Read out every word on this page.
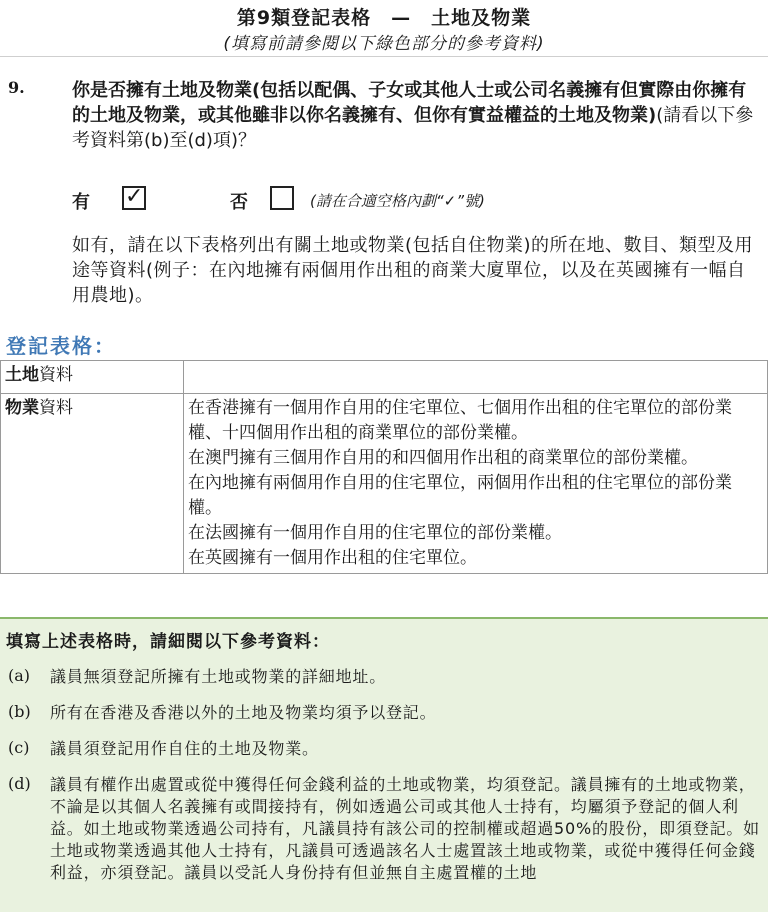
第9類登記表格　—　土地及物業
(填寫前請參閱以下綠色部分的參考資料)
9.	你是否擁有土地及物業(包括以配偶、子女或其他人士或公司名義擁有但實際由你擁有的土地及物業，或其他雖非以你名義擁有、但你有實益權益的土地及物業)(請看以下參考資料第(b)至(d)項)？

有 ✓	否	(請在合適空格內劃“✓”號)

如有，請在以下表格列出有關土地或物業(包括自住物業)的所在地、數目、類型及用途等資料(例子：在內地擁有兩個用作出租的商業大廈單位，以及在英國擁有一幅自用農地)。

登記表格：
土地資料	
物業資料	在香港擁有一個用作自用的住宅單位、七個用作出租的住宅單位的部份業權、十四個用作出租的商業單位的部份業權。

在澳門擁有三個用作自用的和四個用作出租的商業單位的部份業權。

在內地擁有兩個用作自用的住宅單位，兩個用作出租的住宅單位的部份業權。

在法國擁有一個用作自用的住宅單位的部份業權。

在英國擁有一個用作出租的住宅單位。

填寫上述表格時，請細閱以下參考資料：
(a) 議員無須登記所擁有土地或物業的詳細地址。

(b) 所有在香港及香港以外的土地及物業均須予以登記。

(c) 議員須登記用作自住的土地及物業。

(d) 議員有權作出處置或從中獲得任何金錢利益的土地或物業，均須登記。議員擁有的土地或物業，不論是以其個人名義擁有或間接持有，例如透過公司或其他人士持有，均屬須予登記的個人利益。如土地或物業透過公司持有，凡議員持有該公司的控制權或超過50%的股份，即須登記。如土地或物業透過其他人士持有，凡議員可透過該名人士處置該土地或物業，或從中獲得任何金錢利益，亦須登記。議員以受託人身份持有但並無自主處置權的土地
